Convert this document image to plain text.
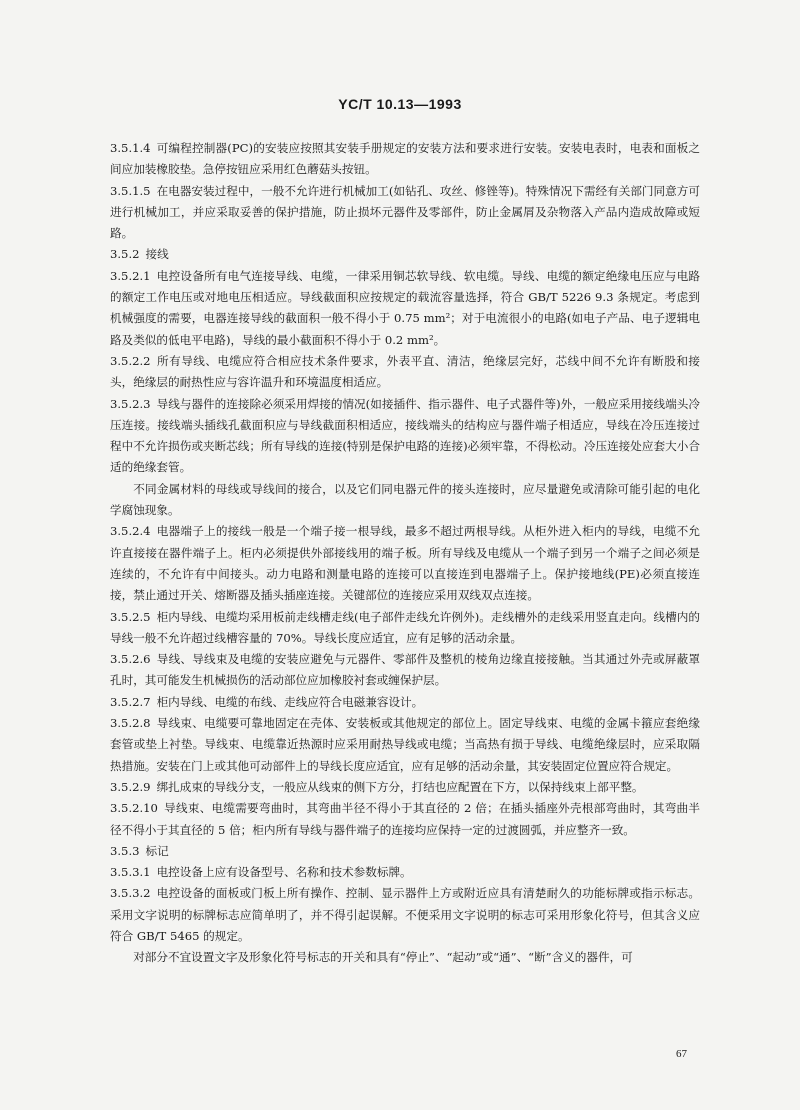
YC/T 10.13—1993

3.5.1.4 可编程控制器(PC)的安装应按照其安装手册规定的安装方法和要求进行安装。安装电表时，电表和面板之间应加装橡胶垫。急停按钮应采用红色蘑菇头按钮。

3.5.1.5 在电器安装过程中，一般不允许进行机械加工(如钻孔、攻丝、修锉等)。特殊情况下需经有关部门同意方可进行机械加工，并应采取妥善的保护措施，防止损坏元器件及零部件，防止金属屑及杂物落入产品内造成故障或短路。

3.5.2 接线

3.5.2.1 电控设备所有电气连接导线、电缆，一律采用铜芯软导线、软电缆。导线、电缆的额定绝缘电压应与电路的额定工作电压或对地电压相适应。导线截面积应按规定的载流容量选择，符合 GB/T 5226 9.3 条规定。考虑到机械强度的需要，电器连接导线的截面积一般不得小于 0.75 mm²；对于电流很小的电路(如电子产品、电子逻辑电路及类似的低电平电路)，导线的最小截面积不得小于 0.2 mm²。

3.5.2.2 所有导线、电缆应符合相应技术条件要求，外表平直、清洁，绝缘层完好，芯线中间不允许有断股和接头，绝缘层的耐热性应与容许温升和环境温度相适应。

3.5.2.3 导线与器件的连接除必须采用焊接的情况(如接插件、指示器件、电子式器件等)外，一般应采用接线端头冷压连接。接线端头插线孔截面积应与导线截面积相适应，接线端头的结构应与器件端子相适应，导线在冷压连接过程中不允许损伤或夹断芯线；所有导线的连接(特别是保护电路的连接)必须牢靠，不得松动。冷压连接处应套大小合适的绝缘套管。

不同金属材料的母线或导线间的接合，以及它们同电器元件的接头连接时，应尽量避免或清除可能引起的电化学腐蚀现象。

3.5.2.4 电器端子上的接线一般是一个端子接一根导线，最多不超过两根导线。从柜外进入柜内的导线，电缆不允许直接接在器件端子上。柜内必须提供外部接线用的端子板。所有导线及电缆从一个端子到另一个端子之间必须是连续的，不允许有中间接头。动力电路和测量电路的连接可以直接连到电器端子上。保护接地线(PE)必须直接连接，禁止通过开关、熔断器及插头插座连接。关键部位的连接应采用双线双点连接。

3.5.2.5 柜内导线、电缆均采用板前走线槽走线(电子部件走线允许例外)。走线槽外的走线采用竖直走向。线槽内的导线一般不允许超过线槽容量的 70%。导线长度应适宜，应有足够的活动余量。

3.5.2.6 导线、导线束及电缆的安装应避免与元器件、零部件及整机的棱角边缘直接接触。当其通过外壳或屏蔽罩孔时，其可能发生机械损伤的活动部位应加橡胶衬套或缠保护层。

3.5.2.7 柜内导线、电缆的布线、走线应符合电磁兼容设计。

3.5.2.8 导线束、电缆要可靠地固定在壳体、安装板或其他规定的部位上。固定导线束、电缆的金属卡箍应套绝缘套管或垫上衬垫。导线束、电缆靠近热源时应采用耐热导线或电缆；当高热有损于导线、电缆绝缘层时，应采取隔热措施。安装在门上或其他可动部件上的导线长度应适宜，应有足够的活动余量，其安装固定位置应符合规定。

3.5.2.9 绑扎成束的导线分支，一般应从线束的侧下方分，打结也应配置在下方，以保持线束上部平整。

3.5.2.10 导线束、电缆需要弯曲时，其弯曲半径不得小于其直径的 2 倍；在插头插座外壳根部弯曲时，其弯曲半径不得小于其直径的 5 倍；柜内所有导线与器件端子的连接均应保持一定的过渡圆弧，并应整齐一致。

3.5.3 标记

3.5.3.1 电控设备上应有设备型号、名称和技术参数标牌。

3.5.3.2 电控设备的面板或门板上所有操作、控制、显示器件上方或附近应具有清楚耐久的功能标牌或指示标志。采用文字说明的标牌标志应简单明了，并不得引起误解。不便采用文字说明的标志可采用形象化符号，但其含义应符合 GB/T 5465 的规定。

对部分不宜设置文字及形象化符号标志的开关和具有“停止”、“起动”或“通”、“断”含义的器件，可

67
